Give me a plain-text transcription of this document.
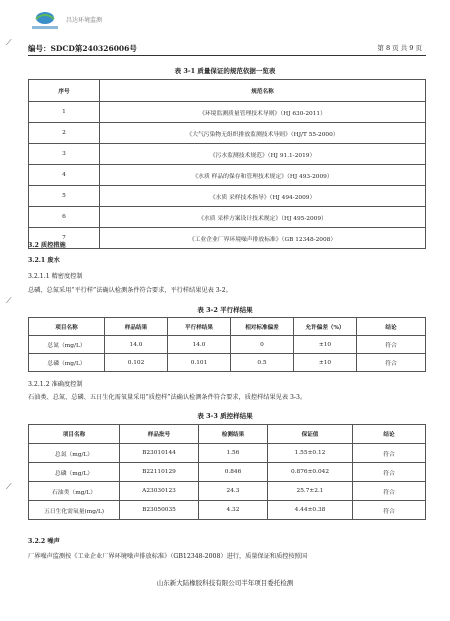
昌达环境监测
编号：SDCD第240326006号	第 8 页 共 9 页
⟋
⟋
⟋
表 3-1 质量保证的规范依据一览表
序号	规范名称
1	《环境监测质量管理技术导则》（HJ 630-2011）
2	《大气污染物无组织排放监测技术导则》（HJ/T 55-2000）
3	《污水监测技术规范》（HJ 91.1-2019）
4	《水质 样品的保存和管理技术规定》（HJ 493-2009）
5	《水质 采样技术指导》（HJ 494-2009）
6	《水质 采样方案设计技术规定》（HJ 495-2009）
7	《工业企业厂界环境噪声排放标准》（GB 12348-2008）
3.2 质控措施
3.2.1 废水
3.2.1.1 精密度控制
总磷、总氮采用“平行样”法确认检测条件符合要求，平行样结果见表 3-2。
表 3-2 平行样结果
项目名称	样品结果	平行样结果	相对标准偏差	允许偏差（%）	结论
总氮（mg/L）	14.0	14.0	0	±10	符合
总磷（mg/L）	0.102	0.101	0.5	±10	符合
3.2.1.2 准确度控制
石油类、总氮、总磷、五日生化需氧量采用“质控样”法确认检测条件符合要求，质控样结果见表 3-3。
表 3-3 质控样结果
项目名称	样品批号	检测结果	保证值	结论
总氮（mg/L）	B23010144	1.56	1.55±0.12	符合
总磷（mg/L）	B22110129	0.846	0.876±0.042	符合
石油类（mg/L）	A23030123	24.3	25.7±2.1	符合
五日生化需氧量(mg/L)	B23050035	4.32	4.44±0.38	符合
3.2.2 噪声
厂界噪声监测按《工业企业厂界环境噪声排放标准》（GB12348-2008）进行，质量保证和质控按照国
山东新大陆橡胶科技有限公司半年项目委托检测
